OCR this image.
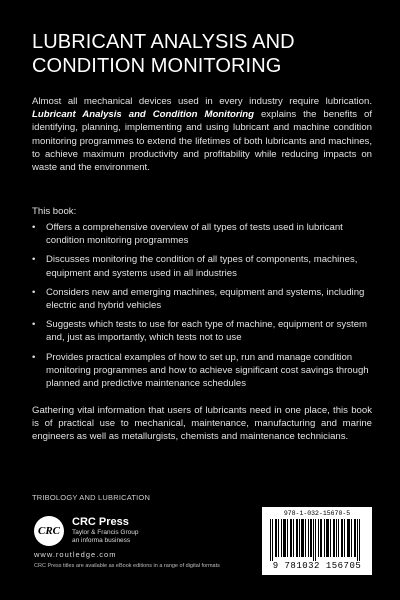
LUBRICANT ANALYSIS AND
CONDITION MONITORING
Almost all mechanical devices used in every industry require lubrication. Lubricant Analysis and Condition Monitoring explains the benefits of identifying, planning, implementing and using lubricant and machine condition monitoring programmes to extend the lifetimes of both lubricants and machines, to achieve maximum productivity and profitability while reducing impacts on waste and the environment.
This book:
• Offers a comprehensive overview of all types of tests used in lubricant condition monitoring programmes
• Discusses monitoring the condition of all types of components, machines, equipment and systems used in all industries
• Considers new and emerging machines, equipment and systems, including electric and hybrid vehicles
• Suggests which tests to use for each type of machine, equipment or system and, just as importantly, which tests not to use
• Provides practical examples of how to set up, run and manage condition monitoring programmes and how to achieve significant cost savings through planned and predictive maintenance schedules
Gathering vital information that users of lubricants need in one place, this book is of practical use to mechanical, maintenance, manufacturing and marine engineers as well as metallurgists, chemists and maintenance technicians.
TRIBOLOGY AND LUBRICATION
CRC
CRC Press
Taylor & Francis Group
an informa business
www.routledge.com
CRC Press titles are available as eBook editions in a range of digital formats
978-1-032-15670-5
9 781032 156705
